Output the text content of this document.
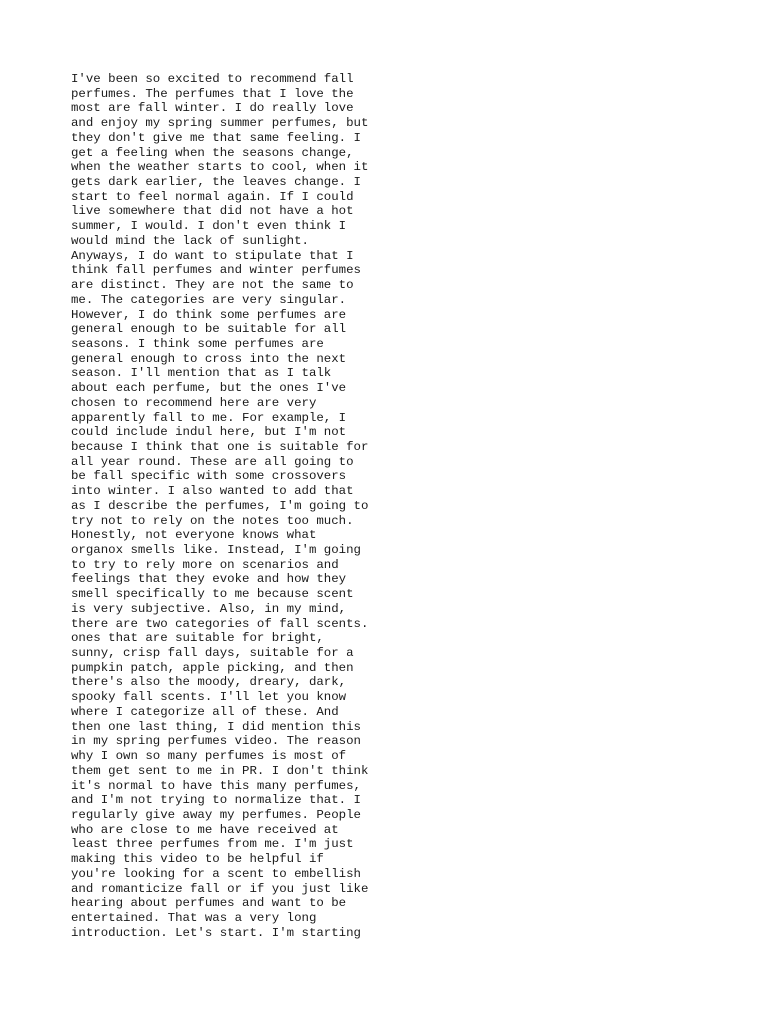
I've been so excited to recommend fall
perfumes. The perfumes that I love the
most are fall winter. I do really love
and enjoy my spring summer perfumes, but
they don't give me that same feeling. I
get a feeling when the seasons change,
when the weather starts to cool, when it
gets dark earlier, the leaves change. I
start to feel normal again. If I could
live somewhere that did not have a hot
summer, I would. I don't even think I
would mind the lack of sunlight.
Anyways, I do want to stipulate that I
think fall perfumes and winter perfumes
are distinct. They are not the same to
me. The categories are very singular.
However, I do think some perfumes are
general enough to be suitable for all
seasons. I think some perfumes are
general enough to cross into the next
season. I'll mention that as I talk
about each perfume, but the ones I've
chosen to recommend here are very
apparently fall to me. For example, I
could include indul here, but I'm not
because I think that one is suitable for
all year round. These are all going to
be fall specific with some crossovers
into winter. I also wanted to add that
as I describe the perfumes, I'm going to
try not to rely on the notes too much.
Honestly, not everyone knows what
organox smells like. Instead, I'm going
to try to rely more on scenarios and
feelings that they evoke and how they
smell specifically to me because scent
is very subjective. Also, in my mind,
there are two categories of fall scents.
ones that are suitable for bright,
sunny, crisp fall days, suitable for a
pumpkin patch, apple picking, and then
there's also the moody, dreary, dark,
spooky fall scents. I'll let you know
where I categorize all of these. And
then one last thing, I did mention this
in my spring perfumes video. The reason
why I own so many perfumes is most of
them get sent to me in PR. I don't think
it's normal to have this many perfumes,
and I'm not trying to normalize that. I
regularly give away my perfumes. People
who are close to me have received at
least three perfumes from me. I'm just
making this video to be helpful if
you're looking for a scent to embellish
and romanticize fall or if you just like
hearing about perfumes and want to be
entertained. That was a very long
introduction. Let's start. I'm starting
